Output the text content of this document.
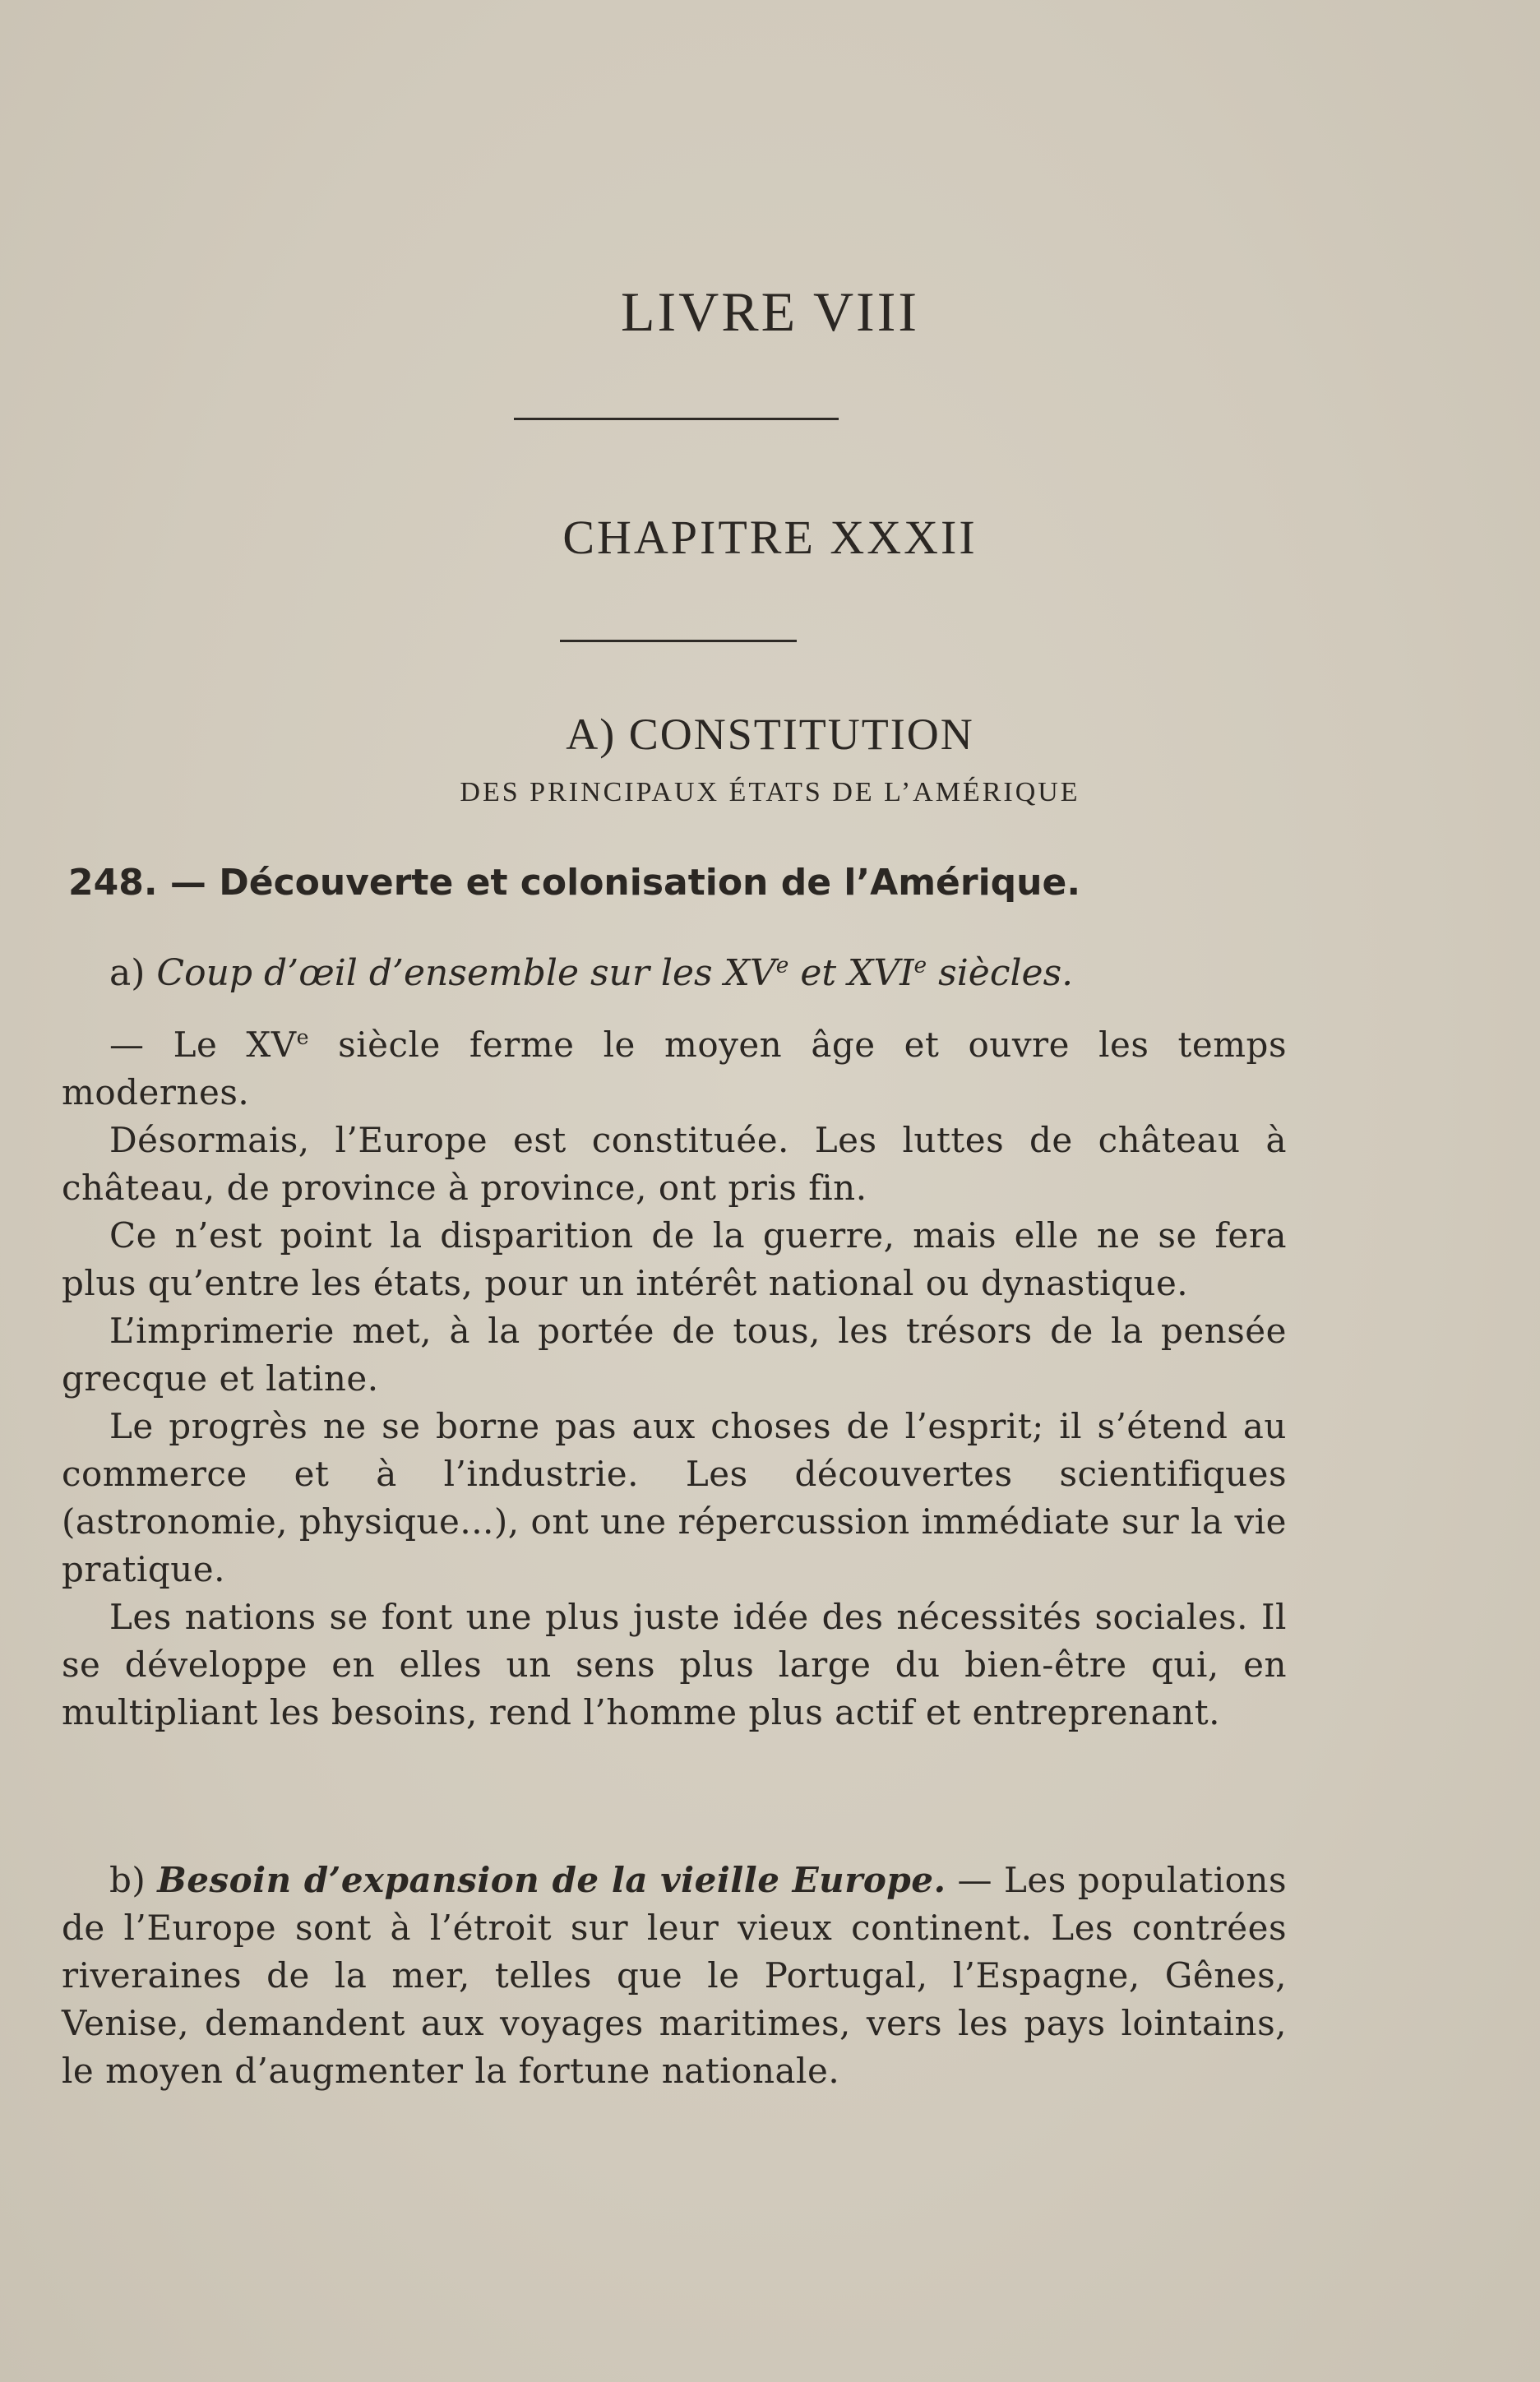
LIVRE VIII
CHAPITRE XXXII
A) CONSTITUTION
DES PRINCIPAUX ÉTATS DE L’AMÉRIQUE
248. — Découverte et colonisation de l’Amérique.

a) Coup d’œil d’ensemble sur les XVe et XVIe siècles.

— Le XVe siècle ferme le moyen âge et ouvre les temps modernes.

Désormais, l’Europe est constituée. Les luttes de château à château, de province à province, ont pris fin.

Ce n’est point la disparition de la guerre, mais elle ne se fera plus qu’entre les états, pour un intérêt national ou dynastique.

L’imprimerie met, à la portée de tous, les trésors de la pensée grecque et latine.

Le progrès ne se borne pas aux choses de l’esprit; il s’étend au commerce et à l’industrie. Les découvertes scientifiques (astronomie, physique...), ont une répercussion immédiate sur la vie pratique.

Les nations se font une plus juste idée des nécessités sociales. Il se développe en elles un sens plus large du bien-être qui, en multipliant les besoins, rend l’homme plus actif et entreprenant.

b) Besoin d’expansion de la vieille Europe. — Les populations de l’Europe sont à l’étroit sur leur vieux continent. Les contrées riveraines de la mer, telles que le Portugal, l’Espagne, Gênes, Venise, demandent aux voyages maritimes, vers les pays lointains, le moyen d’augmenter la fortune nationale.
